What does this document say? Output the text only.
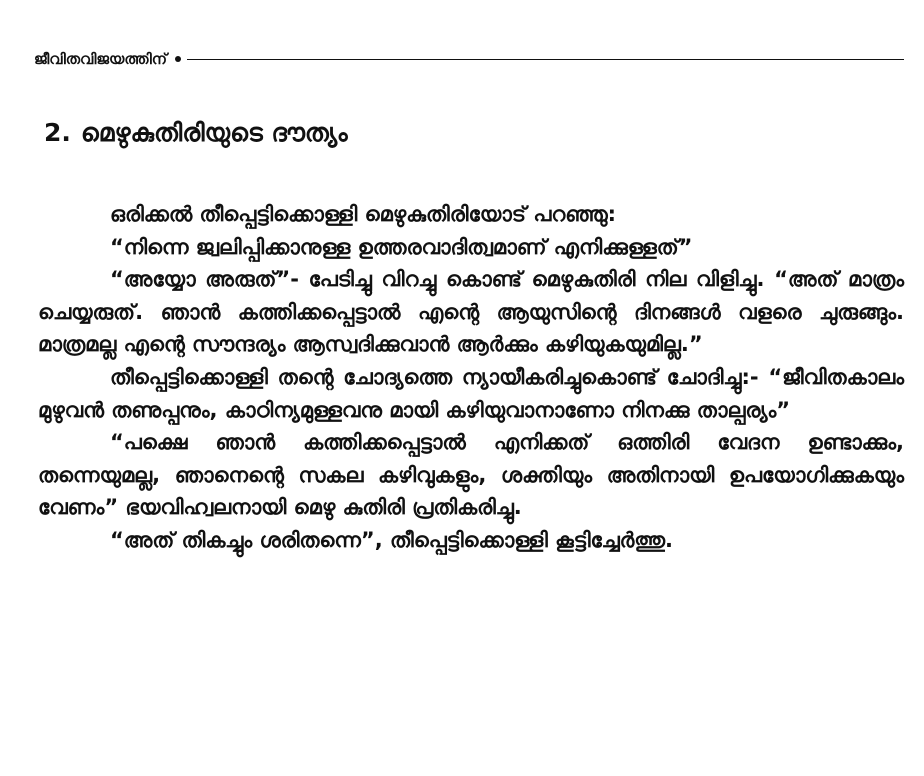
ജീവിതവിജയത്തിന്
2. മെഴുകുതിരിയുടെ ദൗത്യം

ഒരിക്കൽ തീപ്പെട്ടിക്കൊള്ളി മെഴുകുതിരിയോട് പറഞ്ഞു:

“നിന്നെ ജ്വലിപ്പിക്കാനുള്ള ഉത്തരവാദിത്വമാണ് എനിക്കുള്ളത്”

“അയ്യോ അരുത്”- പേടിച്ചു വിറച്ചു കൊണ്ട് മെഴുകുതിരി നില വിളിച്ചു. “അത് മാത്രം ചെയ്യരുത്. ഞാൻ കത്തിക്കപ്പെട്ടാൽ എന്റെ ആയുസിന്റെ ദിനങ്ങൾ വളരെ ചുരുങ്ങും. മാത്രമല്ല എന്റെ സൗന്ദര്യം ആസ്വദിക്കുവാൻ ആർക്കും കഴിയുകയുമില്ല.”

തീപ്പെട്ടിക്കൊള്ളി തന്റെ ചോദ്യത്തെ ന്യായീകരിച്ചുകൊണ്ട് ചോദിച്ചു:- “ജീവിതകാലം മുഴുവൻ തണുപ്പനും, കാഠിന്യമുള്ളവനു മായി കഴിയുവാനാണോ നിനക്കു താല്പര്യം”

“പക്ഷെ ഞാൻ കത്തിക്കപ്പെട്ടാൽ എനിക്കത് ഒത്തിരി വേദന ഉണ്ടാക്കും, തന്നെയുമല്ല, ഞാനെന്റെ സകല കഴിവുകളും, ശക്തിയും അതിനായി ഉപയോഗിക്കുകയും വേണം” ഭയവിഹ്വലനായി മെഴു കുതിരി പ്രതികരിച്ചു.

“അത് തികച്ചും ശരിതന്നെ”, തീപ്പെട്ടിക്കൊള്ളി കൂട്ടിച്ചേർത്തു.
